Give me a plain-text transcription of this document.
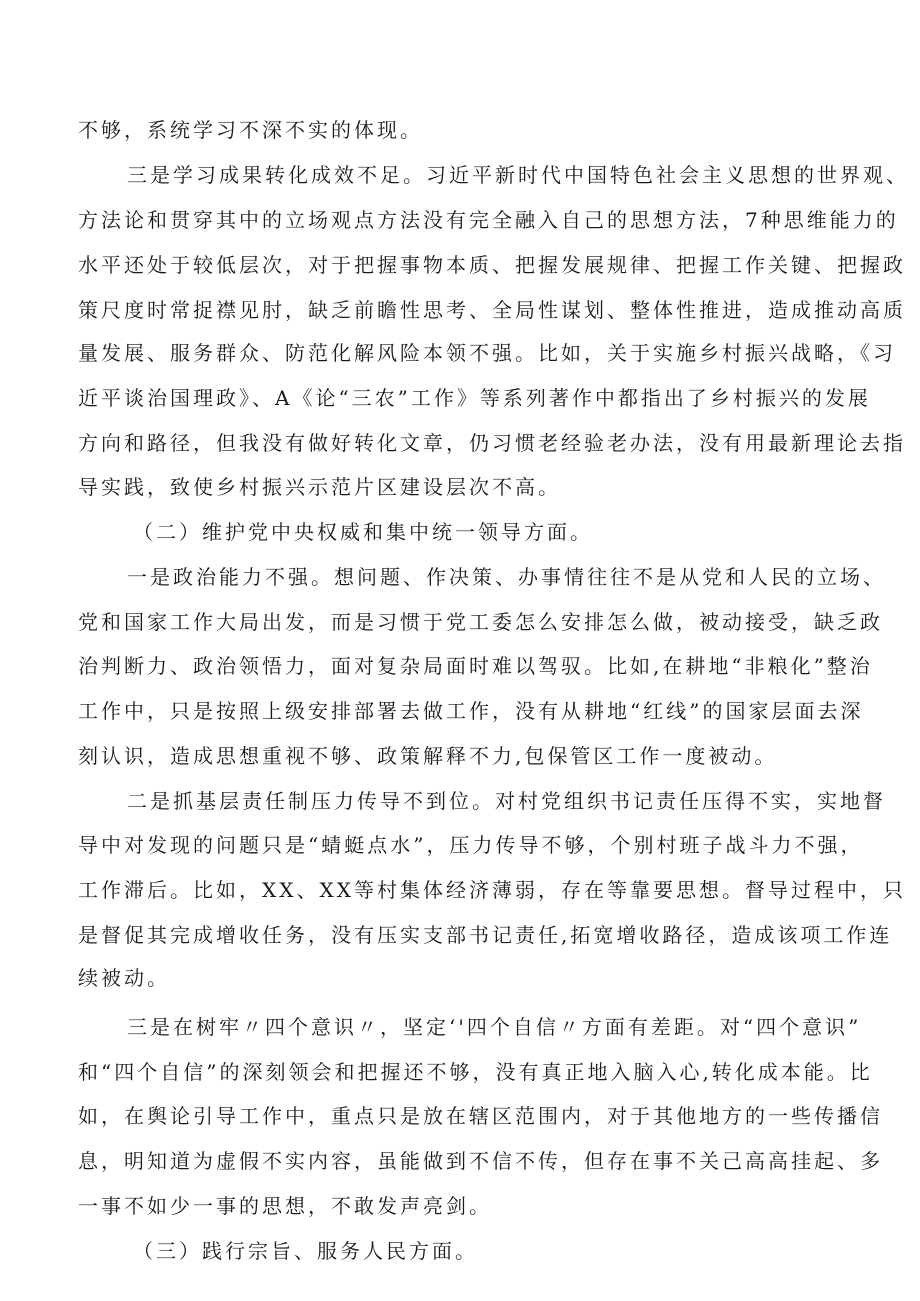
不够，系统学习不深不实的体现。
三是学习成果转化成效不足。习近平新时代中国特色社会主义思想的世界观、
方法论和贯穿其中的立场观点方法没有完全融入自己的思想方法，7种思维能力的
水平还处于较低层次，对于把握事物本质、把握发展规律、把握工作关键、把握政
策尺度时常捉襟见肘，缺乏前瞻性思考、全局性谋划、整体性推进，造成推动高质
量发展、服务群众、防范化解风险本领不强。比如，关于实施乡村振兴战略，《习
近平谈治国理政》、A《论“三农”工作》等系列著作中都指出了乡村振兴的发展
方向和路径，但我没有做好转化文章，仍习惯老经验老办法，没有用最新理论去指
导实践，致使乡村振兴示范片区建设层次不高。
（二）维护党中央权威和集中统一领导方面。
一是政治能力不强。想问题、作决策、办事情往往不是从党和人民的立场、
党和国家工作大局出发，而是习惯于党工委怎么安排怎么做，被动接受，缺乏政
治判断力、政治领悟力，面对复杂局面时难以驾驭。比如,在耕地“非粮化”整治
工作中，只是按照上级安排部署去做工作，没有从耕地“红线”的国家层面去深
刻认识，造成思想重视不够、政策解释不力,包保管区工作一度被动。
二是抓基层责任制压力传导不到位。对村党组织书记责任压得不实，实地督
导中对发现的问题只是“蜻蜓点水”，压力传导不够，个别村班子战斗力不强，
工作滞后。比如，XX、XX等村集体经济薄弱，存在等靠要思想。督导过程中，只
是督促其完成增收任务，没有压实支部书记责任,拓宽增收路径，造成该项工作连
续被动。
三是在树牢〃四个意识〃，坚定‘'四个自信〃方面有差距。对“四个意识”
和“四个自信”的深刻领会和把握还不够，没有真正地入脑入心,转化成本能。比
如，在舆论引导工作中，重点只是放在辖区范围内，对于其他地方的一些传播信
息，明知道为虚假不实内容，虽能做到不信不传，但存在事不关己高高挂起、多
一事不如少一事的思想，不敢发声亮剑。
（三）践行宗旨、服务人民方面。
